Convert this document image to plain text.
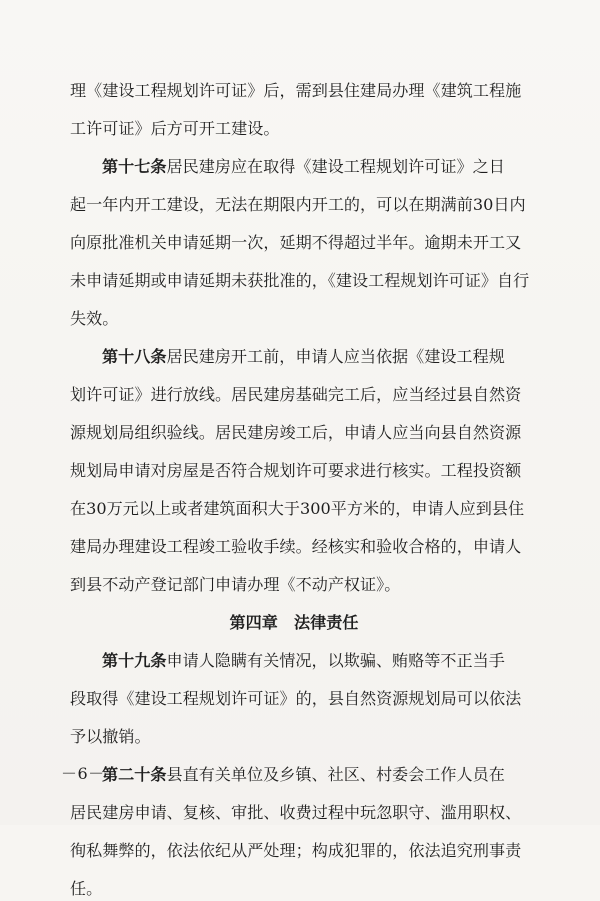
理《建设工程规划许可证》后，需到县住建局办理《建筑工程施
工许可证》后方可开工建设。
第十七条居民建房应在取得《建设工程规划许可证》之日
起一年内开工建设，无法在期限内开工的，可以在期满前30日内
向原批准机关申请延期一次，延期不得超过半年。逾期未开工又
未申请延期或申请延期未获批准的，《建设工程规划许可证》自行
失效。
第十八条居民建房开工前，申请人应当依据《建设工程规
划许可证》进行放线。居民建房基础完工后，应当经过县自然资
源规划局组织验线。居民建房竣工后，申请人应当向县自然资源
规划局申请对房屋是否符合规划许可要求进行核实。工程投资额
在30万元以上或者建筑面积大于300平方米的，申请人应到县住
建局办理建设工程竣工验收手续。经核实和验收合格的，申请人
到县不动产登记部门申请办理《不动产权证》。
第四章　法律责任
第十九条申请人隐瞒有关情况，以欺骗、贿赂等不正当手
段取得《建设工程规划许可证》的，县自然资源规划局可以依法
予以撤销。
第二十条县直有关单位及乡镇、社区、村委会工作人员在
居民建房申请、复核、审批、收费过程中玩忽职守、滥用职权、
徇私舞弊的，依法依纪从严处理；构成犯罪的，依法追究刑事责
任。
－6－
